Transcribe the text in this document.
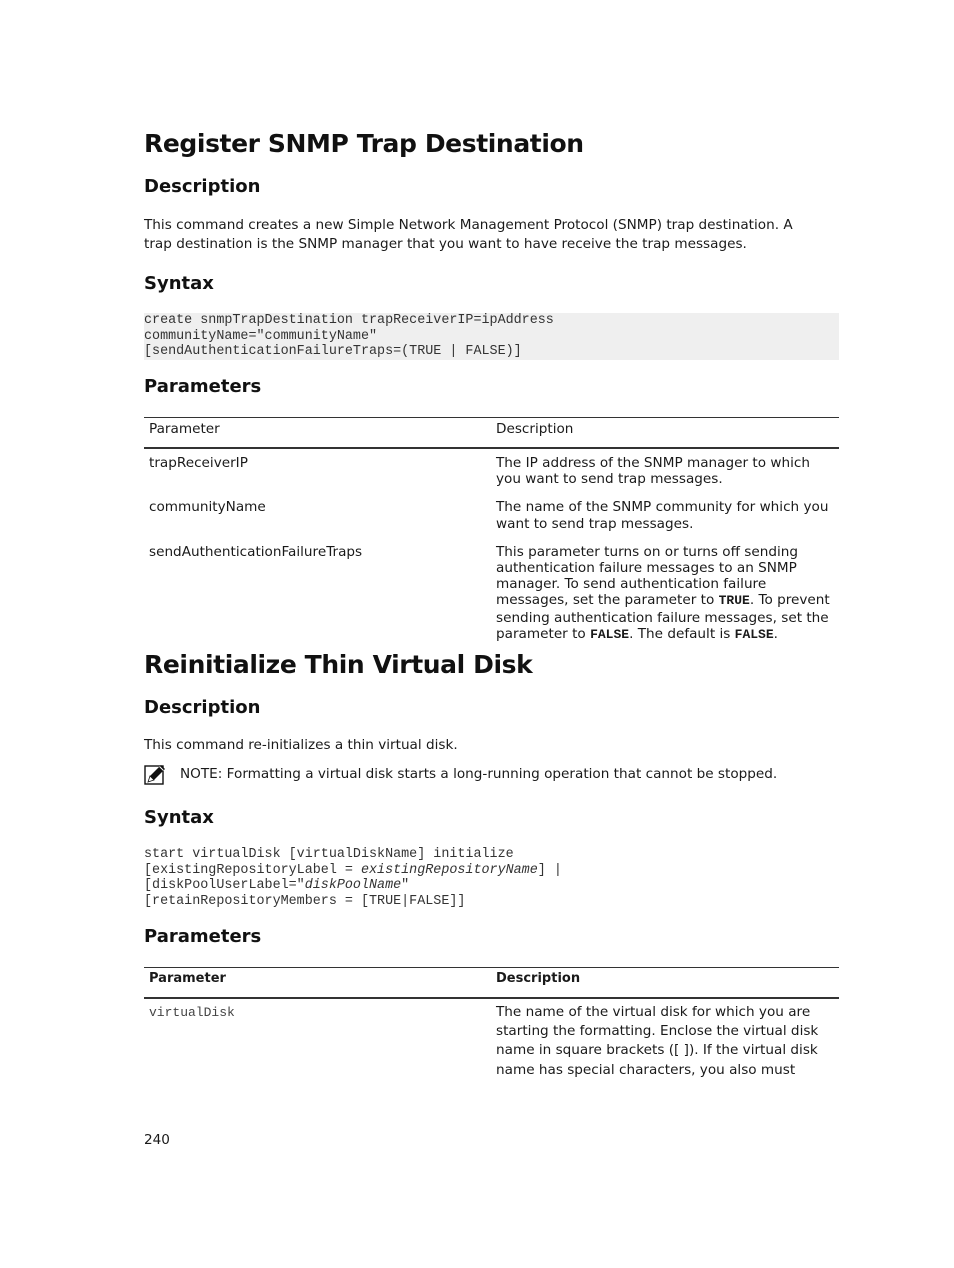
Register SNMP Trap Destination
Description

This command creates a new Simple Network Management Protocol (SNMP) trap destination. A trap destination is the SNMP manager that you want to have receive the trap messages.

Syntax
create snmpTrapDestination trapReceiverIP=ipAddress
communityName="communityName"
[sendAuthenticationFailureTraps=(TRUE | FALSE)]
Parameters
Parameter	Description
trapReceiverIP	The IP address of the SNMP manager to which you want to send trap messages.
communityName	The name of the SNMP community for which you want to send trap messages.
sendAuthenticationFailureTraps	This parameter turns on or turns off sending authentication failure messages to an SNMP manager. To send authentication failure messages, set the parameter to TRUE. To prevent sending authentication failure messages, set the parameter to FALSE. The default is FALSE.
Reinitialize Thin Virtual Disk
Description

This command re-initializes a thin virtual disk.

NOTE: Formatting a virtual disk starts a long-running operation that cannot be stopped.
Syntax
start virtualDisk [virtualDiskName] initialize
[existingRepositoryLabel = existingRepositoryName] |
[diskPoolUserLabel="diskPoolName"
[retainRepositoryMembers = [TRUE|FALSE]]
Parameters
Parameter	Description
virtualDisk	The name of the virtual disk for which you are starting the formatting. Enclose the virtual disk name in square brackets ([ ]). If the virtual disk name has special characters, you also must
240
